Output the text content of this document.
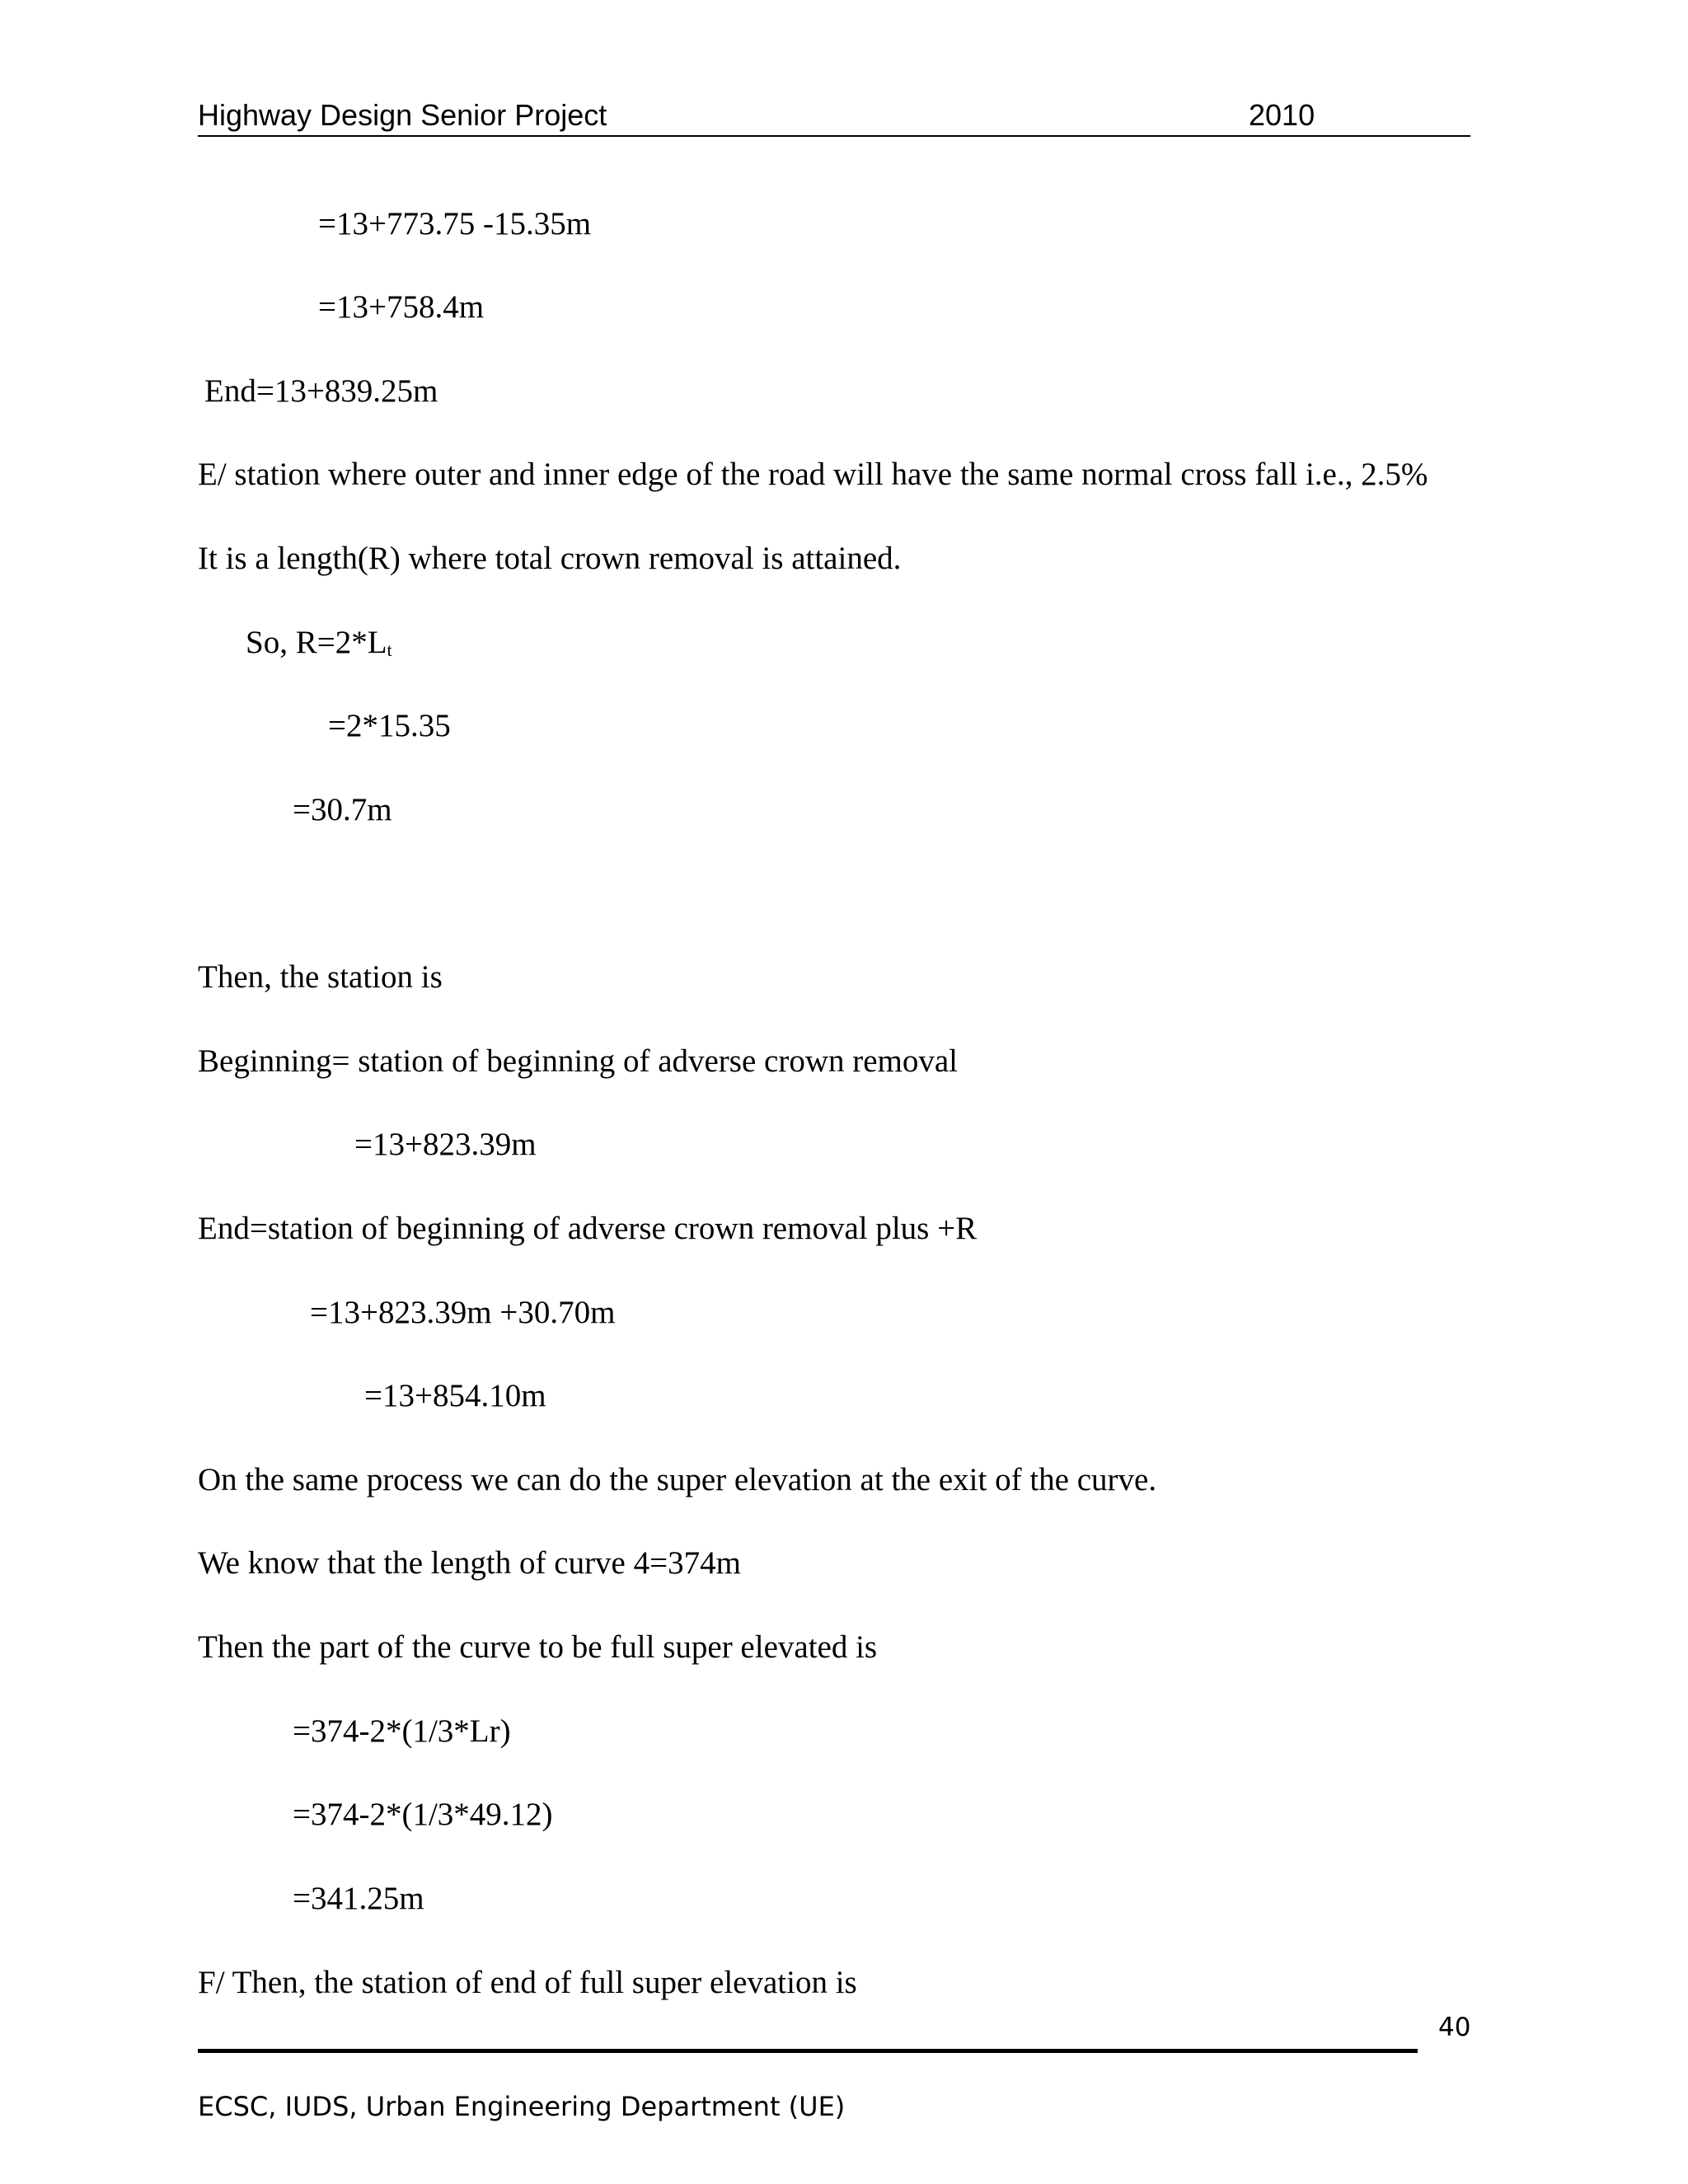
Highway Design Senior Project	2010
=13+773.75 -15.35m
=13+758.4m
End=13+839.25m
E/ station where outer and inner edge of the road will have the same normal cross fall i.e., 2.5%
It is a length(R) where total crown removal is attained.
So, $R=2*L_t$
=2*15.35
=30.7m
Then, the station is
Beginning= station of beginning of adverse crown removal
=13+823.39m
End=station of beginning of adverse crown removal plus +R
=13+823.39m +30.70m
=13+854.10m
On the same process we can do the super elevation at the exit of the curve.
We know that the length of curve 4=374m
Then the part of the curve to be full super elevated is
=374-2*(1/3*Lr)
=374-2*(1/3*49.12)
=341.25m
F/ Then, the station of end of full super elevation is
40
ECSC, IUDS, Urban Engineering Department (UE)
